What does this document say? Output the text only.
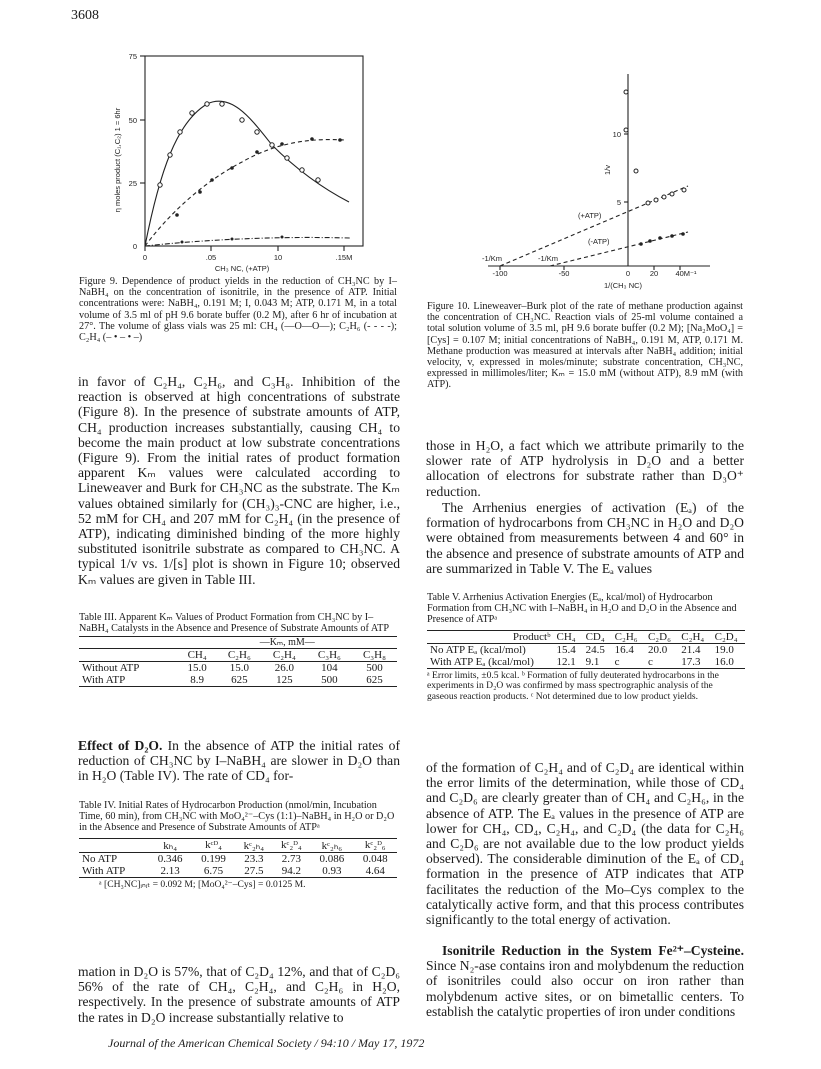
3608
0	.05	10	.15M
0
25
50
75
CH₃ NC, (+ATP)
η moles product (C₁,C₂) 1 = 6hr
Figure 9. Dependence of product yields in the reduction of CH₃NC by I–NaBH₄ on the concentration of isonitrile, in the presence of ATP. Initial concentrations were: NaBH₄, 0.191 M; I, 0.043 M; ATP, 0.171 M, in a total volume of 3.5 ml of pH 9.6 borate buffer (0.2 M), after 6 hr of incubation at 27°. The volume of glass vials was 25 ml: CH₄ (—O—O—); C₂H₆ (- - - -); C₂H₄ (– • – • –)
-100	-50	0	20 40M⁻¹
5
10
1/(CH₃ NC)
1/v
(+ATP)
(-ATP)
-1/Km	-1/Km
Figure 10. Lineweaver–Burk plot of the rate of methane production against the concentration of CH₃NC. Reaction vials of 25-ml volume contained a total solution volume of 3.5 ml, pH 9.6 borate buffer (0.2 M); [Na₂MoO₄] = [Cys] = 0.107 M; initial concentrations of NaBH₄, 0.191 M, ATP, 0.171 M. Methane production was measured at intervals after NaBH₄ addition; initial velocity, v, expressed in moles/minute; substrate concentration, CH₃NC, expressed in millimoles/liter; Kₘ = 15.0 mM (without ATP), 8.9 mM (with ATP).
in favor of C₂H₄, C₂H₆, and C₃H₈. Inhibition of the reaction is observed at high concentrations of substrate (Figure 8). In the presence of substrate amounts of ATP, CH₄ production increases substantially, causing CH₄ to become the main product at low substrate concentrations (Figure 9). From the initial rates of product formation apparent Kₘ values were calculated according to Lineweaver and Burk for CH₃NC as the substrate. The Kₘ values obtained similarly for (CH₃)₃-CNC are higher, i.e., 52 mM for CH₄ and 207 mM for C₂H₄ (in the presence of ATP), indicating diminished binding of the more highly substituted isonitrile substrate as compared to CH₃NC. A typical 1/v vs. 1/[s] plot is shown in Figure 10; observed Kₘ values are given in Table III.
Table III. Apparent Kₘ Values of Product Formation from CH₃NC by I–NaBH₄ Catalysts in the Absence and Presence of Substrate Amounts of ATP
	—Kₘ, mM—				
	CH₄	C₂H₆	C₂H₄	C₃H₆	C₃H₈
Without ATP	15.0	15.0	26.0	104	500
With ATP	8.9	625	125	500	625
Effect of D₂O. In the absence of ATP the initial rates of reduction of CH₃NC by I–NaBH₄ are slower in D₂O than in H₂O (Table IV). The rate of CD₄ for-
Table IV. Initial Rates of Hydrocarbon Production (nmol/min, Incubation Time, 60 min), from CH₃NC with MoO₄²⁻–Cys (1:1)–NaBH₄ in H₂O or D₂O in the Absence and Presence of Substrate Amounts of ATPᵃ
	kₕ₄	kᶜᴰ₄	kᶜ₂ₕ₄	kᶜ₂ᴰ₄	kᶜ₂ₕ₆	kᶜ₂ᴰ₆
No ATP	0.346	0.199	23.3	2.73	0.086	0.048
With ATP	2.13	6.75	27.5	94.2	0.93	4.64
ᵃ [CH₃NC]ᵢₙᵢₜ = 0.092 M; [MoO₄²⁻–Cys] = 0.0125 M.
mation in D₂O is 57%, that of C₂D₄ 12%, and that of C₂D₆ 56% of the rate of CH₄, C₂H₄, and C₂H₆ in H₂O, respectively. In the presence of substrate amounts of ATP the rates in D₂O increase substantially relative to
those in H₂O, a fact which we attribute primarily to the slower rate of ATP hydrolysis in D₂O and a better allocation of electrons for substrate rather than D₃O⁺ reduction.
The Arrhenius energies of activation (Eₐ) of the formation of hydrocarbons from CH₃NC in H₂O and D₂O were obtained from measurements between 4 and 60° in the absence and presence of substrate amounts of ATP and are summarized in Table V. The Eₐ values
Table V. Arrhenius Activation Energies (Eₐ, kcal/mol) of Hydrocarbon Formation from CH₃NC with I–NaBH₄ in H₂O and D₂O in the Absence and Presence of ATPᵃ
Productᵇ	CH₄	CD₄	C₂H₆	C₂D₆	C₂H₄	C₂D₄
No ATP Eₐ (kcal/mol)	15.4	24.5	16.4	20.0	21.4	19.0
With ATP Eₐ (kcal/mol)	12.1	9.1	c	c	17.3	16.0
ᵃ Error limits, ±0.5 kcal. ᵇ Formation of fully deuterated hydrocarbons in the experiments in D₂O was confirmed by mass spectrographic analysis of the gaseous reaction products. ᶜ Not determined due to low product yields.
of the formation of C₂H₄ and of C₂D₄ are identical within the error limits of the determination, while those of CD₄ and C₂D₆ are clearly greater than of CH₄ and C₂H₆, in the absence of ATP. The Eₐ values in the presence of ATP are lower for CH₄, CD₄, C₂H₄, and C₂D₄ (the data for C₂H₆ and C₂D₆ are not available due to the low product yields observed). The considerable diminution of the Eₐ of CD₄ formation in the presence of ATP indicates that ATP facilitates the reduction of the Mo–Cys complex to the catalytically active form, and that this process contributes significantly to the total energy of activation.
Isonitrile Reduction in the System Fe²⁺–Cysteine. Since N₂-ase contains iron and molybdenum the reduction of isonitriles could also occur on iron rather than molybdenum active sites, or on bimetallic centers. To establish the catalytic properties of iron under conditions
Journal of the American Chemical Society / 94:10 / May 17, 1972
